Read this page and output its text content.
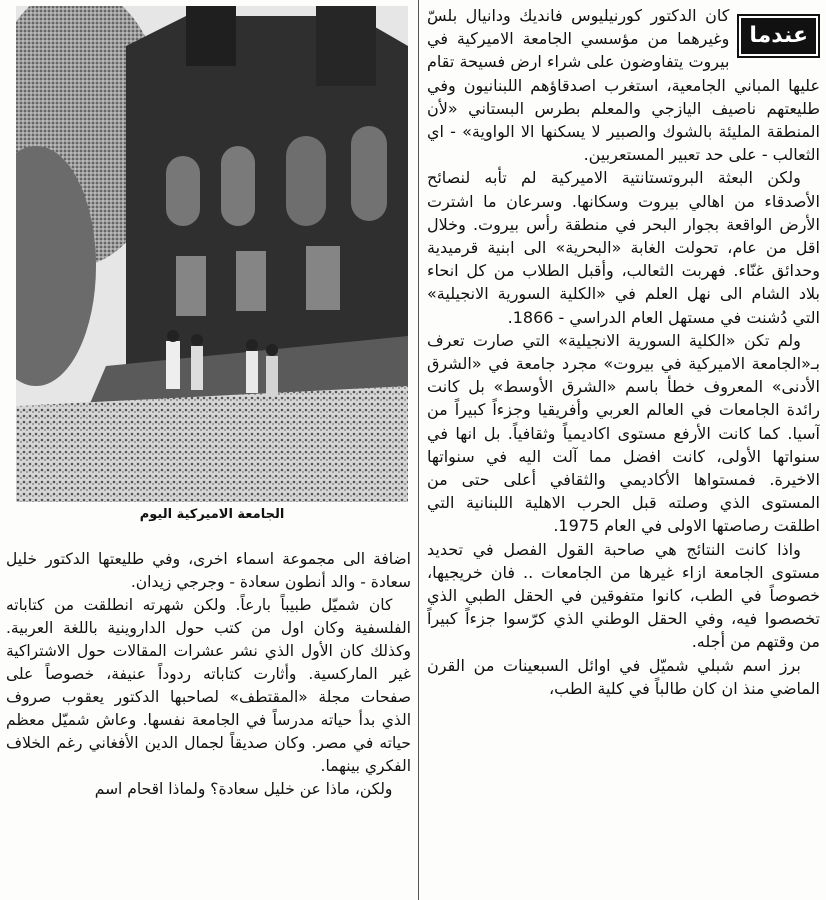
الجامعة الاميركية اليوم
عندما

كان الدكتور كورنيليوس فانديك ودانيال بلسّ وغيرهما من مؤسسي الجامعة الاميركية في بيروت يتفاوضون على شراء ارض فسيحة تقام عليها المباني الجامعية، استغرب اصدقاؤهم اللبنانيون وفي طليعتهم ناصيف اليازجي والمعلم بطرس البستاني «لأن المنطقة المليئة بالشوك والصبير لا يسكنها الا الواوية» - اي الثعالب - على حد تعبير المستعربين.

ولكن البعثة البروتستانتية الاميركية لم تأبه لنصائح الأصدقاء من اهالي بيروت وسكانها. وسرعان ما اشترت الأرض الواقعة بجوار البحر في منطقة رأس بيروت. وخلال اقل من عام، تحولت الغابة «البحرية» الى ابنية قرميدية وحدائق غنّاء. فهربت الثعالب، وأقبل الطلاب من كل انحاء بلاد الشام الى نهل العلم في «الكلية السورية الانجيلية» التي دُشنت في مستهل العام الدراسي - 1866.

ولم تكن «الكلية السورية الانجيلية» التي صارت تعرف بـ«الجامعة الاميركية في بيروت» مجرد جامعة في «الشرق الأدنى» المعروف خطأ باسم «الشرق الأوسط» بل كانت رائدة الجامعات في العالم العربي وأفريقيا وجزءاً كبيراً من آسيا. كما كانت الأرفع مستوى اكاديمياً وثقافياً. بل انها في سنواتها الأولى، كانت افضل مما آلت اليه في سنواتها الاخيرة. فمستواها الأكاديمي والثقافي أعلى حتى من المستوى الذي وصلته قبل الحرب الاهلية اللبنانية التي اطلقت رصاصتها الاولى في العام 1975.

واذا كانت النتائج هي صاحبة القول الفصل في تحديد مستوى الجامعة ازاء غيرها من الجامعات .. فان خريجيها، خصوصاً في الطب، كانوا متفوقين في الحقل الطبي الذي تخصصوا فيه، وفي الحقل الوطني الذي كرّسوا جزءاً كبيراً من وقتهم من أجله.

برز اسم شبلي شميّل في اوائل السبعينات من القرن الماضي منذ ان كان طالباً في كلية الطب،

اضافة الى مجموعة اسماء اخرى، وفي طليعتها الدكتور خليل سعادة - والد أنطون سعادة - وجرجي زيدان.

كان شميّل طبيباً بارعاً. ولكن شهرته انطلقت من كتاباته الفلسفية وكان اول من كتب حول الداروينية باللغة العربية. وكذلك كان الأول الذي نشر عشرات المقالات حول الاشتراكية غير الماركسية. وأثارت كتاباته ردوداً عنيفة، خصوصاً على صفحات مجلة «المقتطف» لصاحبها الدكتور يعقوب صروف الذي بدأ حياته مدرساً في الجامعة نفسها. وعاش شميّل معظم حياته في مصر. وكان صديقاً لجمال الدين الأفغاني رغم الخلاف الفكري بينهما.

ولكن، ماذا عن خليل سعادة؟ ولماذا اقحام اسم
